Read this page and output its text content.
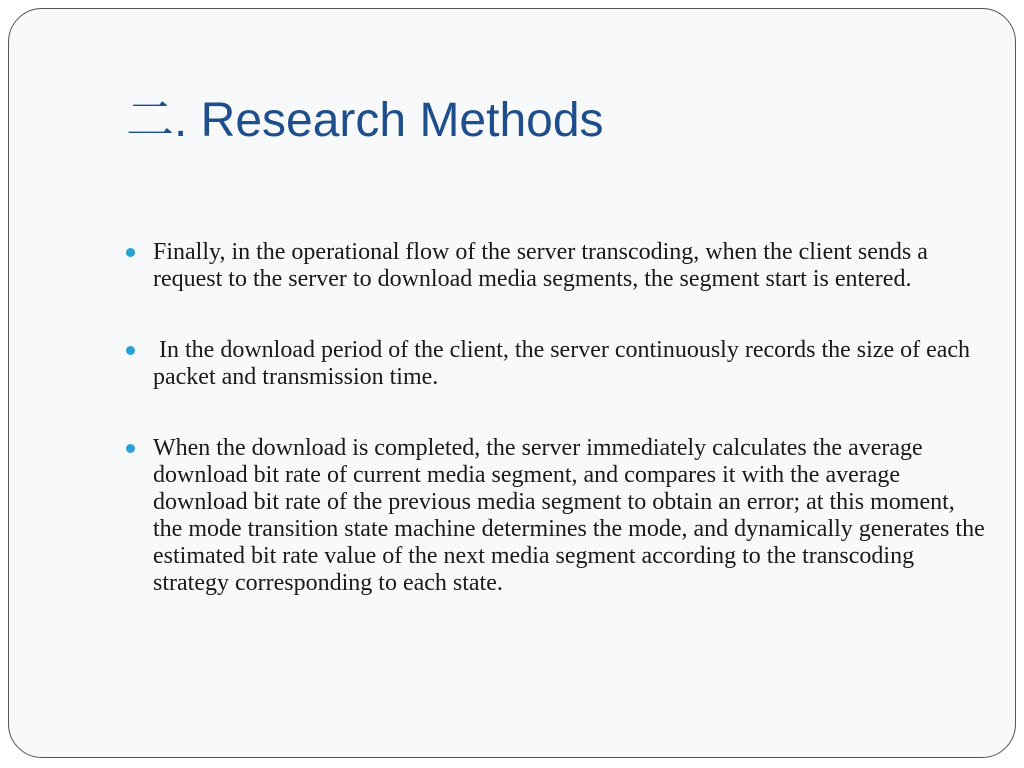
二. Research Methods
Finally, in the operational flow of the server transcoding, when the client sends a request to the server to download media segments, the segment start is entered.
In the download period of the client, the server continuously records the size of each packet and transmission time.
When the download is completed, the server immediately calculates the average download bit rate of current media segment, and compares it with the average download bit rate of the previous media segment to obtain an error; at this moment, the mode transition state machine determines the mode, and dynamically generates the estimated bit rate value of the next media segment according to the transcoding strategy corresponding to each state.
